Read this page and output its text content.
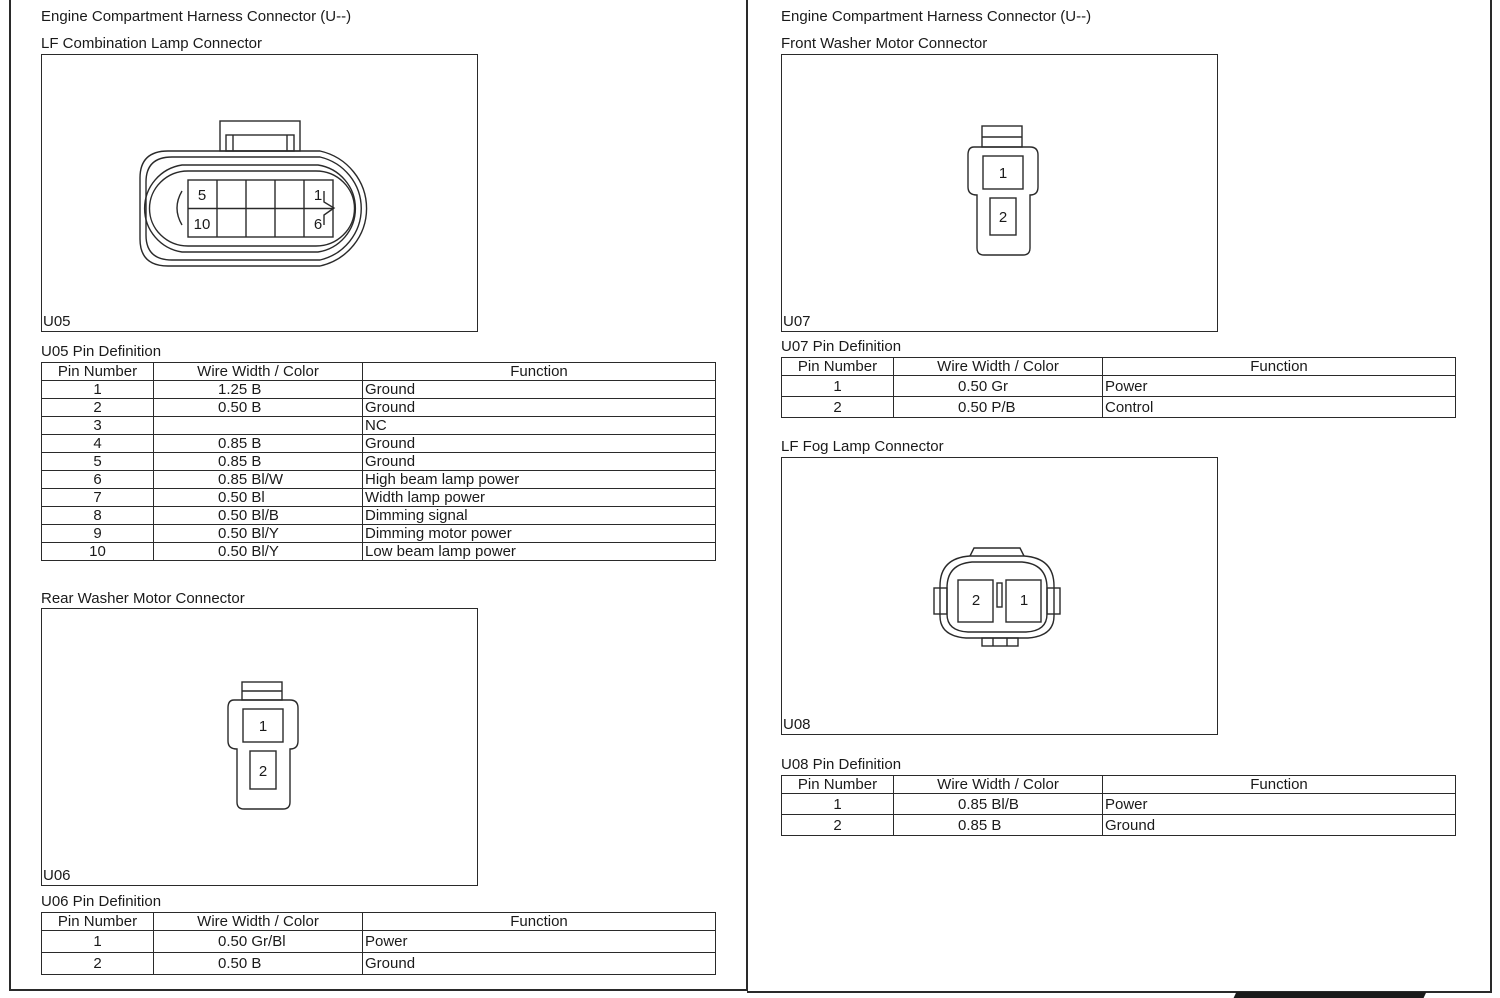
Engine Compartment Harness Connector (U--)
LF Combination Lamp Connector
5	1
10	6
U05
U05 Pin Definition
Pin Number	Wire Width / Color	Function
1	1.25 B	Ground
2	0.50 B	Ground
3		NC
4	0.85 B	Ground
5	0.85 B	Ground
6	0.85 Bl/W	High beam lamp power
7	0.50 Bl	Width lamp power
8	0.50 Bl/B	Dimming signal
9	0.50 Bl/Y	Dimming motor power
10	0.50 Bl/Y	Low beam lamp power
Rear Washer Motor Connector
1
2
U06
U06 Pin Definition
Pin Number	Wire Width / Color	Function
1	0.50 Gr/Bl	Power
2	0.50 B	Ground
Engine Compartment Harness Connector (U--)
Front Washer Motor Connector
1
2
U07
U07 Pin Definition
Pin Number	Wire Width / Color	Function
1	0.50 Gr	Power
2	0.50 P/B	Control
LF Fog Lamp Connector
2	1
U08
U08 Pin Definition
Pin Number	Wire Width / Color	Function
1	0.85 Bl/B	Power
2	0.85 B	Ground
